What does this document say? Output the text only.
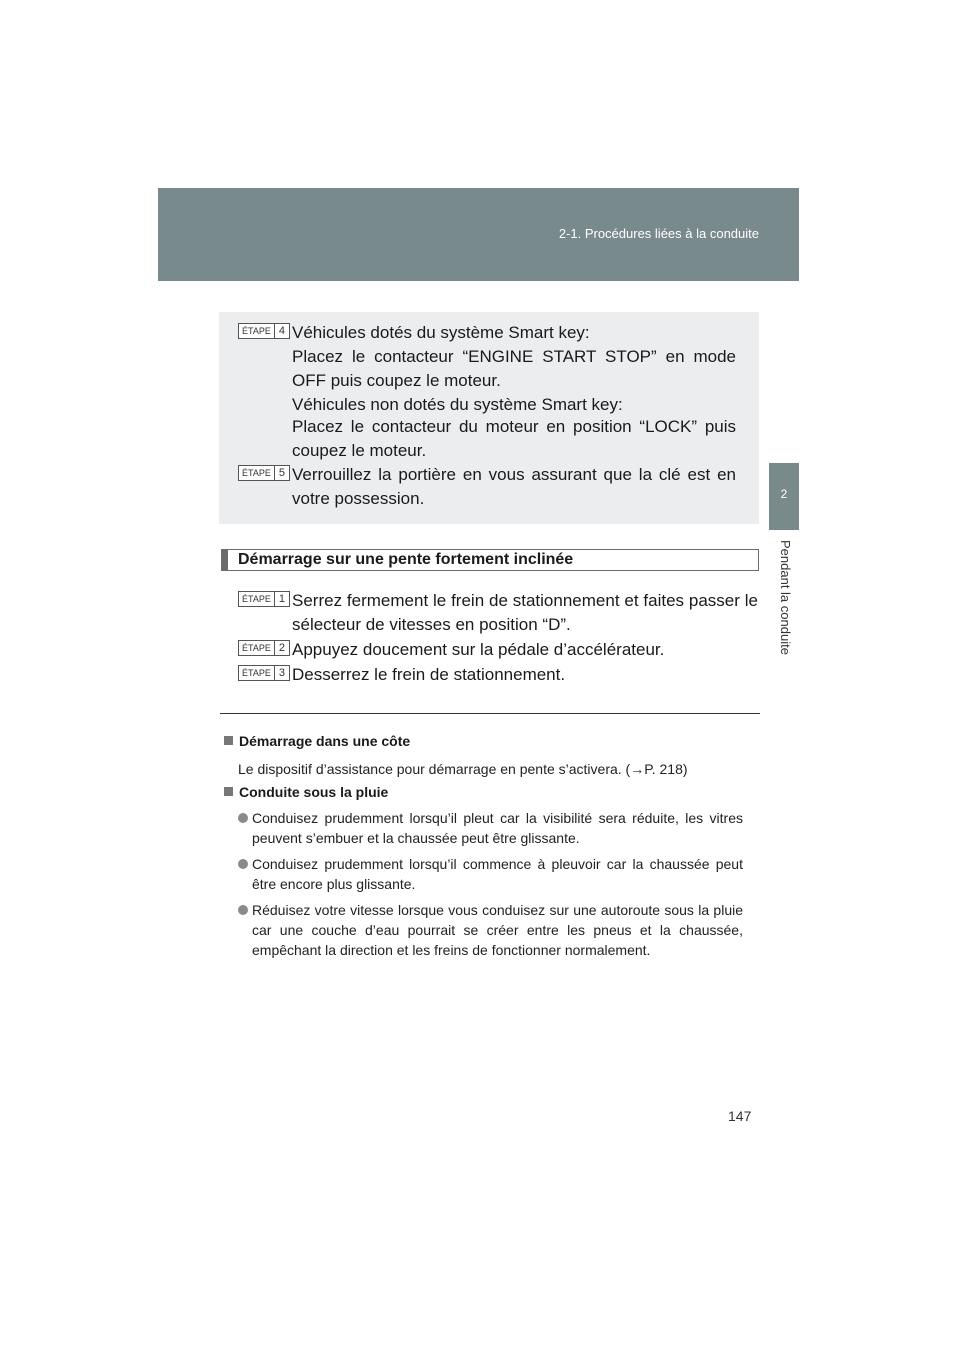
2-1. Procédures liées à la conduite
2
Pendant la conduite
ÉTAPE 4 Véhicules dotés du système Smart key:
Placez le contacteur “ENGINE START STOP” en mode OFF puis coupez le moteur.
Véhicules non dotés du système Smart key:
Placez le contacteur du moteur en position “LOCK” puis coupez le moteur.
ÉTAPE 5 Verrouillez la portière en vous assurant que la clé est en votre possession.
Démarrage sur une pente fortement inclinée
ÉTAPE 1 Serrez fermement le frein de stationnement et faites passer le sélecteur de vitesses en position “D”.
ÉTAPE 2 Appuyez doucement sur la pédale d’accélérateur.
ÉTAPE 3 Desserrez le frein de stationnement.
Démarrage dans une côte
Le dispositif d’assistance pour démarrage en pente s’activera. (→P. 218)
Conduite sous la pluie
Conduisez prudemment lorsqu’il pleut car la visibilité sera réduite, les vitres peuvent s’embuer et la chaussée peut être glissante.
Conduisez prudemment lorsqu’il commence à pleuvoir car la chaussée peut être encore plus glissante.
Réduisez votre vitesse lorsque vous conduisez sur une autoroute sous la pluie car une couche d’eau pourrait se créer entre les pneus et la chaussée, empêchant la direction et les freins de fonctionner normalement.
147
